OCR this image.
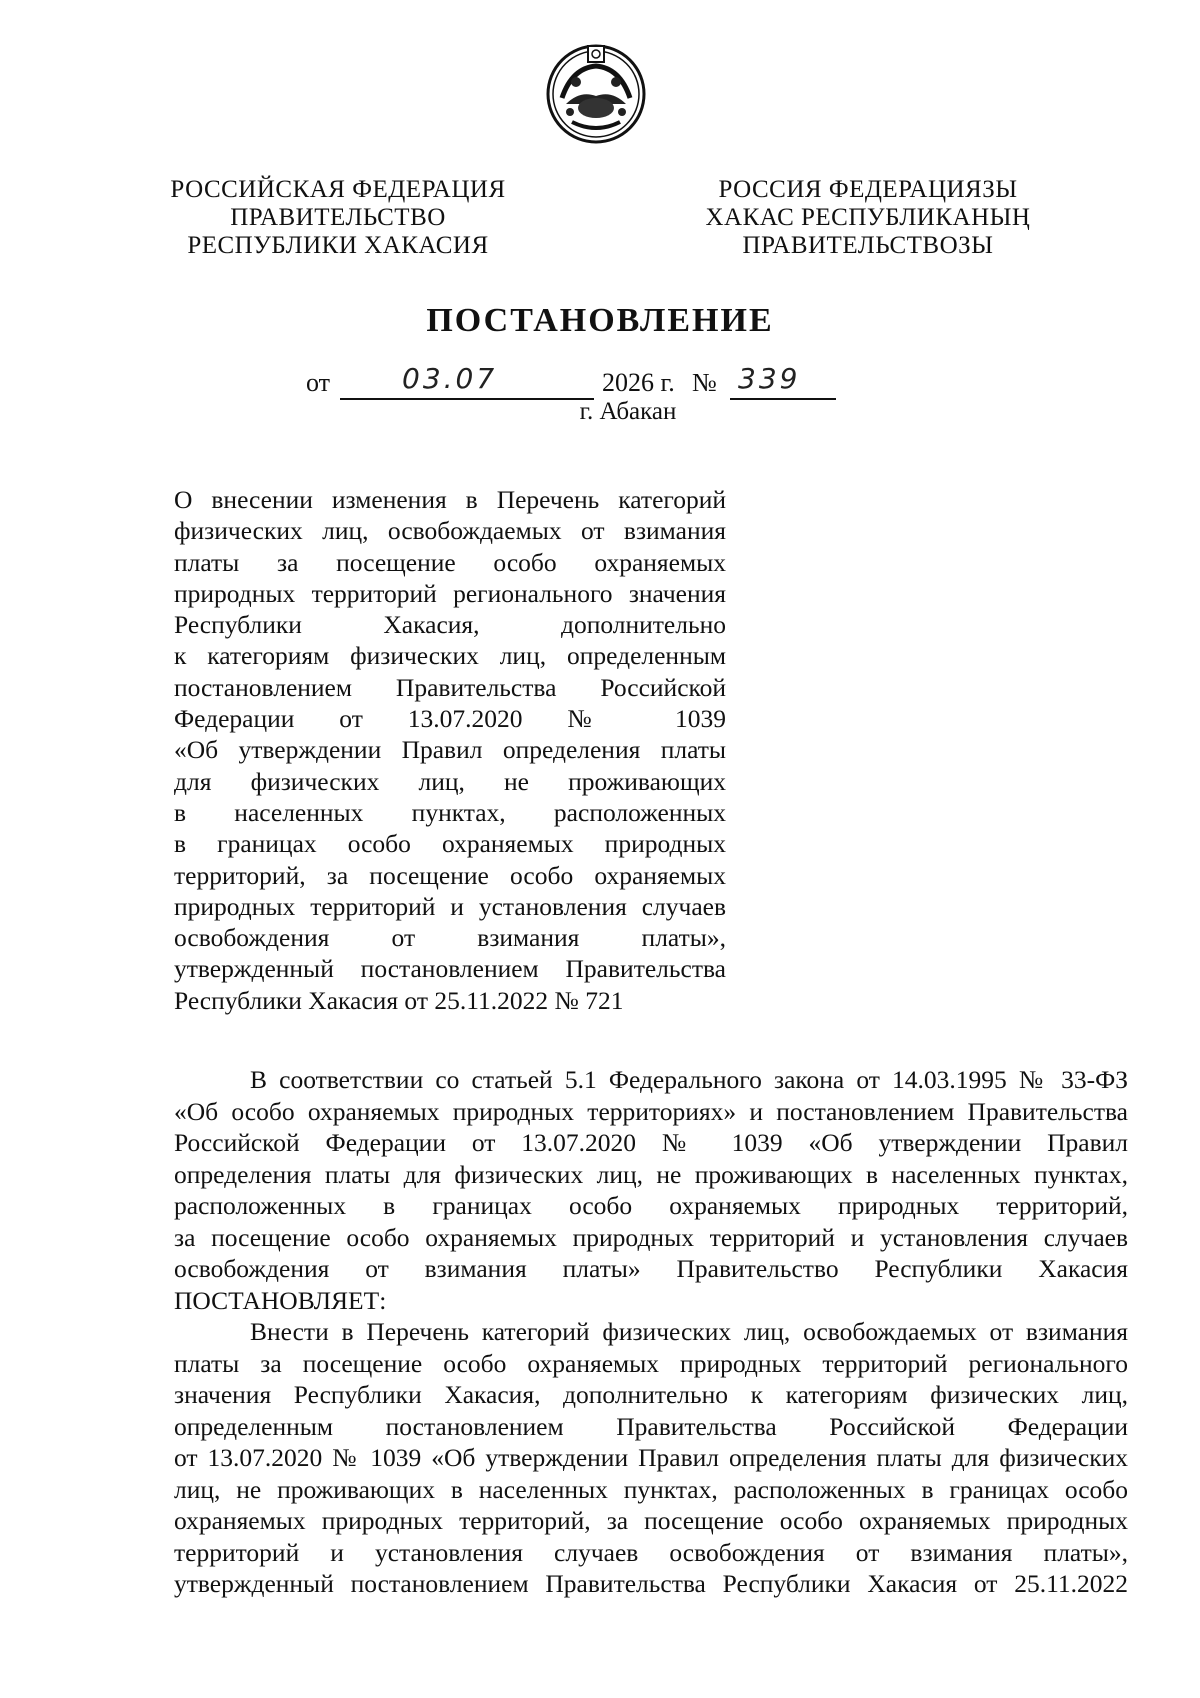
РОССИЙСКАЯ ФЕДЕРАЦИЯ
ПРАВИТЕЛЬСТВО
РЕСПУБЛИКИ ХАКАСИЯ
РОССИЯ ФЕДЕРАЦИЯЗЫ
ХАКАС РЕСПУБЛИКАНЫҢ
ПРАВИТЕЛЬСТВОЗЫ
ПОСТАНОВЛЕНИЕ
от	03.07	2026 г. № 339
г. Абакан
О внесении изменения в Перечень категорий
физических лиц, освобождаемых от взимания
платы за посещение особо охраняемых
природных территорий регионального значения
Республики Хакасия, дополнительно
к категориям физических лиц, определенным
постановлением Правительства Российской
Федерации от 13.07.2020 № 1039
«Об утверждении Правил определения платы
для физических лиц, не проживающих
в населенных пунктах, расположенных
в границах особо охраняемых природных
территорий, за посещение особо охраняемых
природных территорий и установления случаев
освобождения от взимания платы»,
утвержденный постановлением Правительства
Республики Хакасия от 25.11.2022 № 721
В соответствии со статьей 5.1 Федерального закона от 14.03.1995 № 33-ФЗ
«Об особо охраняемых природных территориях» и постановлением Правительства
Российской Федерации от 13.07.2020 № 1039 «Об утверждении Правил
определения платы для физических лиц, не проживающих в населенных пунктах,
расположенных в границах особо охраняемых природных территорий,
за посещение особо охраняемых природных территорий и установления случаев
освобождения от взимания платы» Правительство Республики Хакасия
ПОСТАНОВЛЯЕТ:
Внести в Перечень категорий физических лиц, освобождаемых от взимания
платы за посещение особо охраняемых природных территорий регионального
значения Республики Хакасия, дополнительно к категориям физических лиц,
определенным постановлением Правительства Российской Федерации
от 13.07.2020 № 1039 «Об утверждении Правил определения платы для физических
лиц, не проживающих в населенных пунктах, расположенных в границах особо
охраняемых природных территорий, за посещение особо охраняемых природных
территорий и установления случаев освобождения от взимания платы»,
утвержденный постановлением Правительства Республики Хакасия от 25.11.2022
